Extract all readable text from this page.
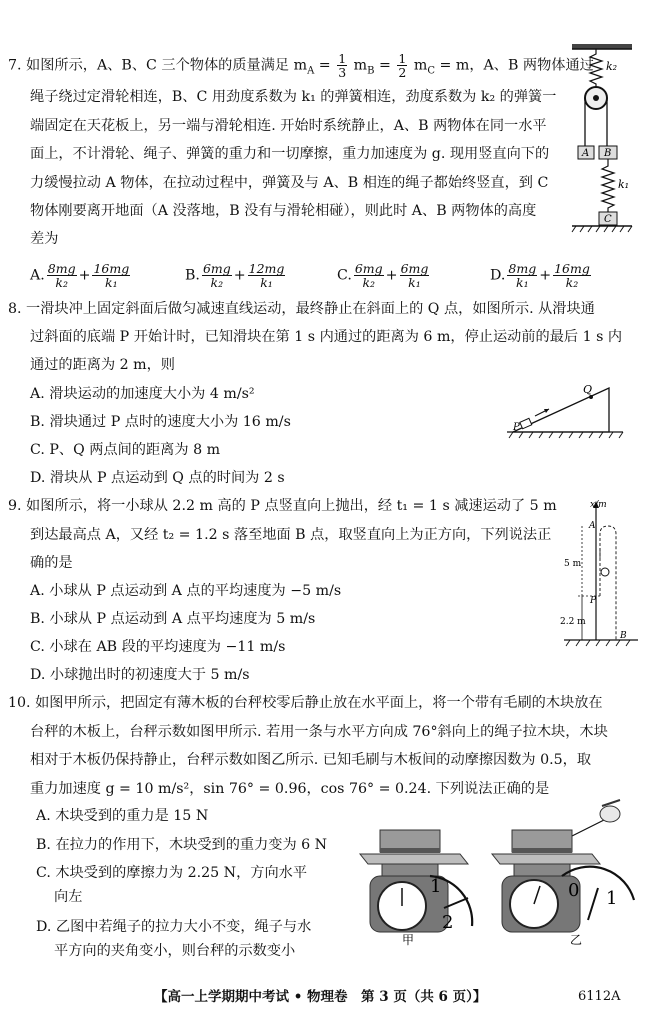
7. 如图所示，A、B、C 三个物体的质量满足 $m_A = \frac{1}{3} m_B = \frac{1}{2} m_C = m$，A、B 两物体通过
绳子绕过定滑轮相连，B、C 用劲度系数为 k₁ 的弹簧相连，劲度系数为 k₂ 的弹簧一
端固定在天花板上，另一端与滑轮相连. 开始时系统静止，A、B 两物体在同一水平
面上，不计滑轮、绳子、弹簧的重力和一切摩擦，重力加速度为 g. 现用竖直向下的
力缓慢拉动 A 物体，在拉动过程中，弹簧及与 A、B 相连的绳子都始终竖直，到 C
物体刚要离开地面（A 没落地，B 没有与滑轮相碰），则此时 A、B 两物体的高度
差为
A. $\frac{8mg}{\text{k₂}} + \frac{16mg}{\text{k₁}}$	B. $\frac{6mg}{\text{k₂}} + \frac{12mg}{\text{k₁}}$	C. $\frac{6mg}{\text{k₂}} + \frac{6mg}{\text{k₁}}$	D. $\frac{8mg}{\text{k₁}} + \frac{16mg}{\text{k₂}}$
k₂
A B
k₁
C
8. 一滑块冲上固定斜面后做匀减速直线运动，最终静止在斜面上的 Q 点，如图所示. 从滑块通
过斜面的底端 P 开始计时，已知滑块在第 1 s 内通过的距离为 6 m，停止运动前的最后 1 s 内
通过的距离为 2 m，则
A. 滑块运动的加速度大小为 4 m/s²
B. 滑块通过 P 点时的速度大小为 16 m/s
C. P、Q 两点间的距离为 8 m
D. 滑块从 P 点运动到 Q 点的时间为 2 s
Q
P
9. 如图所示，将一小球从 2.2 m 高的 P 点竖直向上抛出，经 t₁ = 1 s 减速运动了 5 m
到达最高点 A，又经 t₂ = 1.2 s 落至地面 B 点，取竖直向上为正方向，下列说法正
确的是
A. 小球从 P 点运动到 A 点的平均速度为 −5 m/s
B. 小球从 P 点运动到 A 点平均速度为 5 m/s
C. 小球在 AB 段的平均速度为 −11 m/s
D. 小球抛出时的初速度大于 5 m/s
x/m
A
P
B
5 m
2.2 m
10. 如图甲所示，把固定有薄木板的台秤校零后静止放在水平面上，将一个带有毛刷的木块放在
台秤的木板上，台秤示数如图甲所示. 若用一条与水平方向成 76°斜向上的绳子拉木块，木块
相对于木板仍保持静止，台秤示数如图乙所示. 已知毛刷与木板间的动摩擦因数为 0.5，取
重力加速度 g = 10 m/s²，sin 76° = 0.96，cos 76° = 0.24. 下列说法正确的是
A. 木块受到的重力是 15 N
B. 在拉力的作用下，木块受到的重力变为 6 N
C. 木块受到的摩擦力为 2.25 N，方向水平
向左
D. 乙图中若绳子的拉力大小不变，绳子与水
平方向的夹角变小，则台秤的示数变小
1
2
甲
0 1
乙
【高一上学期期中考试 • 物理卷　第 3 页（共 6 页）】	6112A
